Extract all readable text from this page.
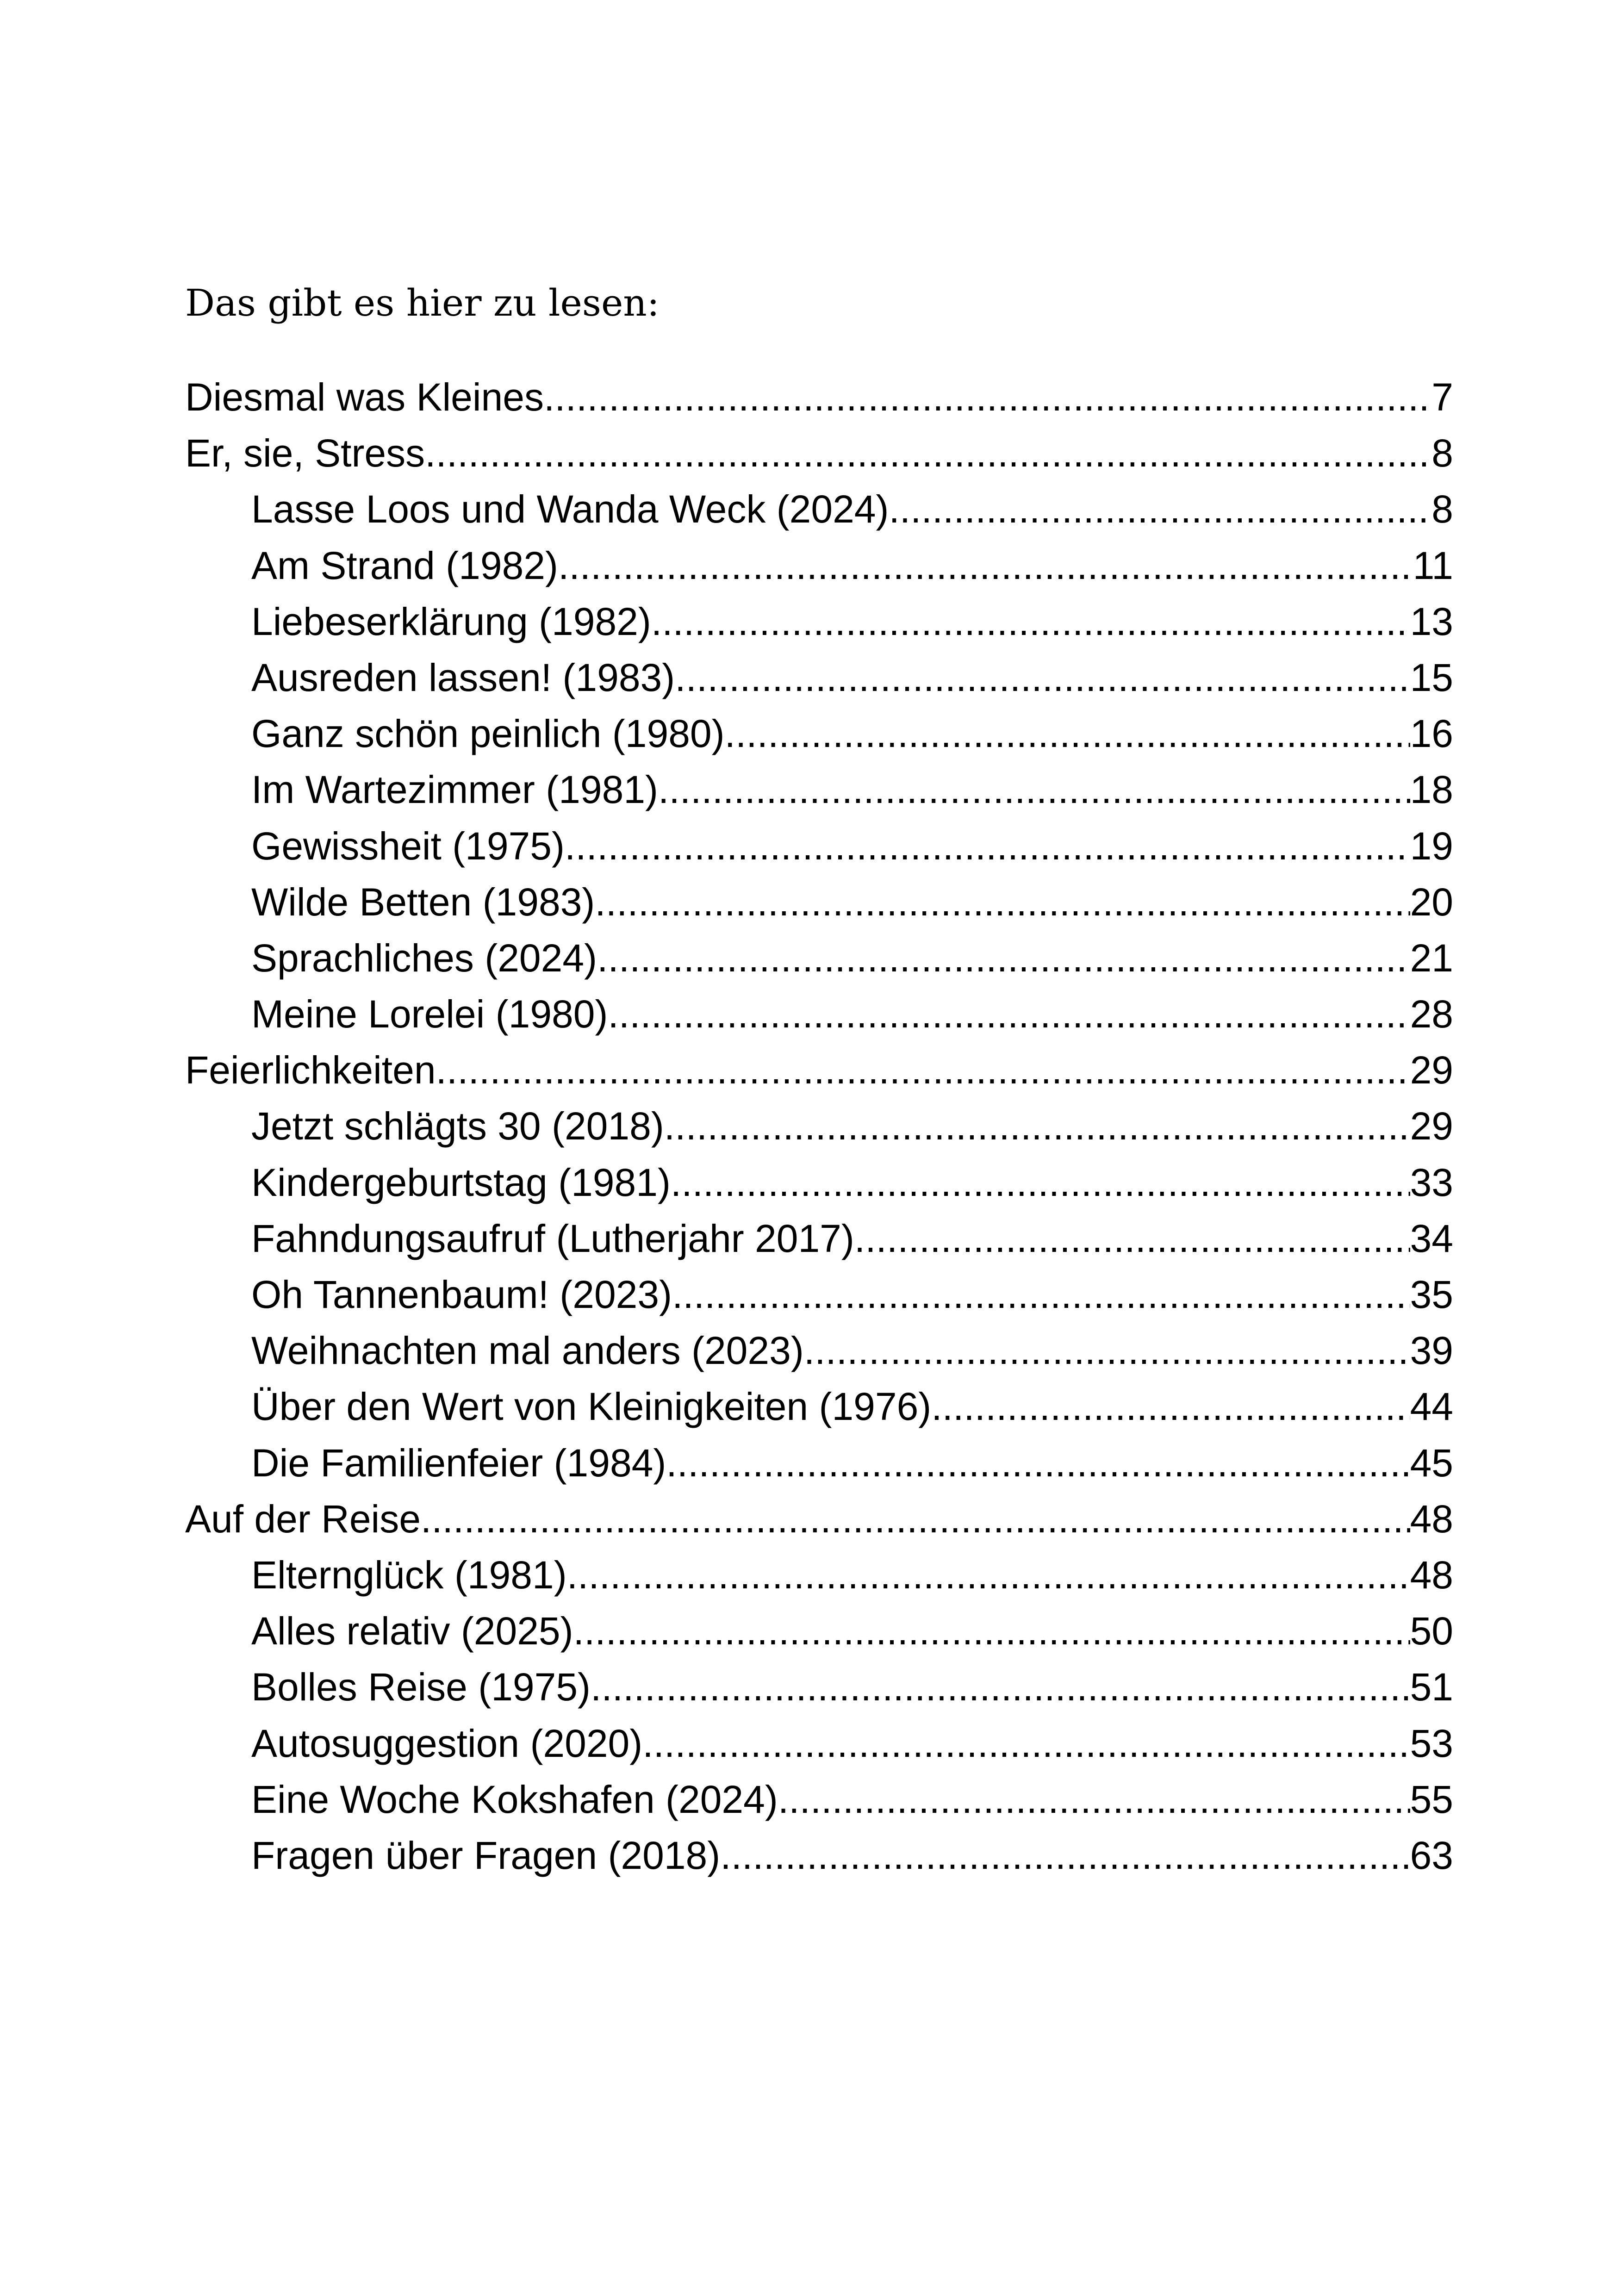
Das gibt es hier zu lesen:
Diesmal was Kleines .....	7
Er, sie, Stress .....	8
Lasse Loos und Wanda Weck (2024) .....	8
Am Strand (1982) .....	11
Liebeserklärung (1982) .....	13
Ausreden lassen! (1983) .....	15
Ganz schön peinlich (1980) .....	16
Im Wartezimmer (1981) .....	18
Gewissheit (1975) .....	19
Wilde Betten (1983) .....	20
Sprachliches (2024) .....	21
Meine Lorelei (1980) .....	28
Feierlichkeiten .....	29
Jetzt schlägts 30 (2018) .....	29
Kindergeburtstag (1981) .....	33
Fahndungsaufruf (Lutherjahr 2017) .....	34
Oh Tannenbaum! (2023) .....	35
Weihnachten mal anders (2023) .....	39
Über den Wert von Kleinigkeiten (1976) .....	44
Die Familienfeier (1984) .....	45
Auf der Reise .....	48
Elternglück (1981) .....	48
Alles relativ (2025) .....	50
Bolles Reise (1975) .....	51
Autosuggestion (2020) .....	53
Eine Woche Kokshafen (2024) .....	55
Fragen über Fragen (2018) .....	63
